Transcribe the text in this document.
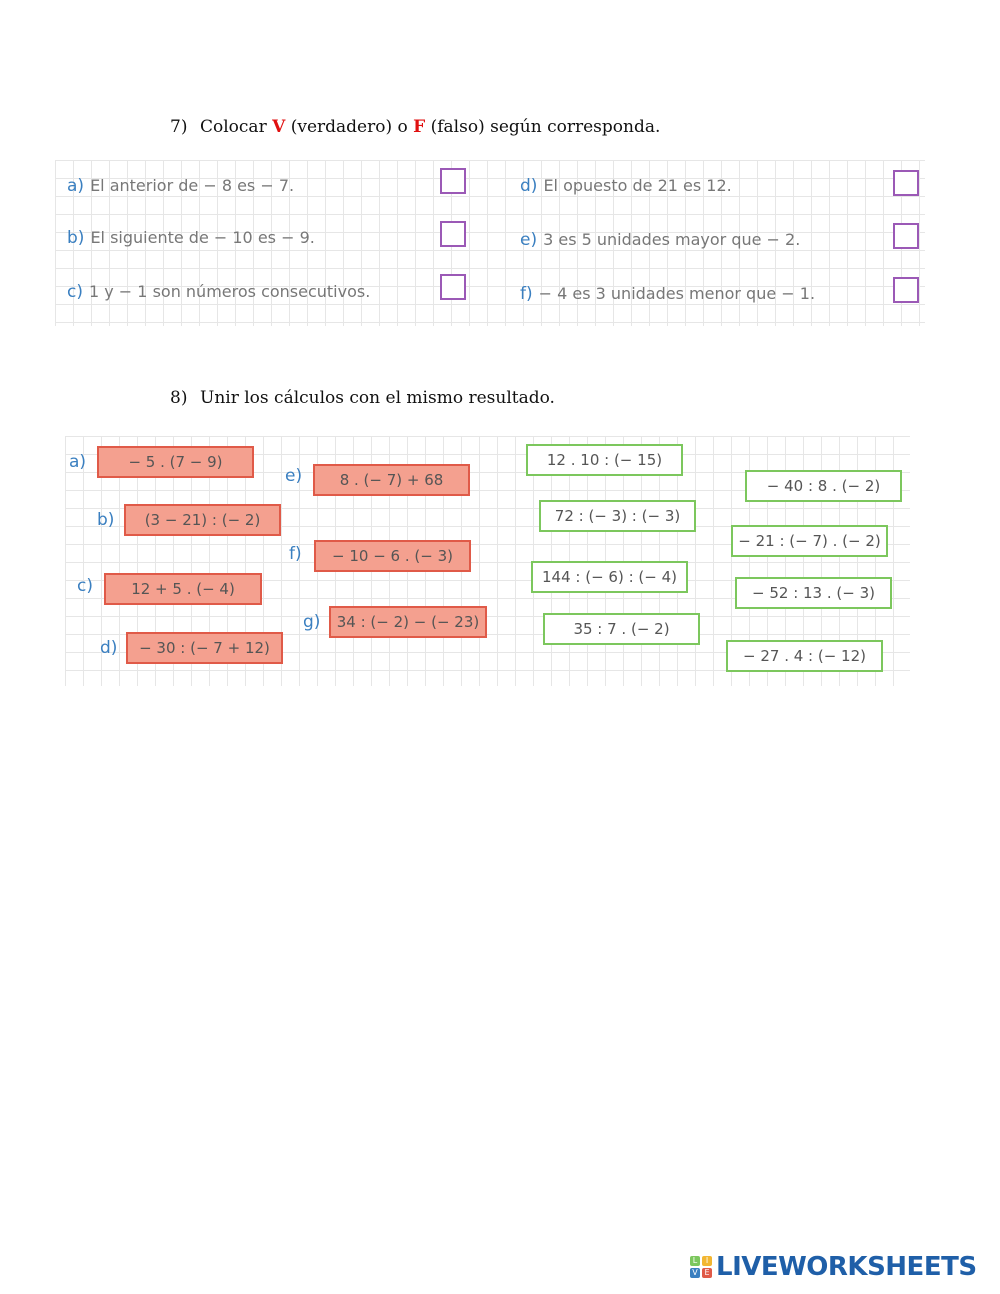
7) Colocar V (verdadero) o F (falso) según corresponda.
a) El anterior de − 8 es − 7.
b) El siguiente de − 10 es − 9.
c) 1 y − 1 son números consecutivos.
d) El opuesto de 21 es 12.
e) 3 es 5 unidades mayor que − 2.
f) − 4 es 3 unidades menor que − 1.
8) Unir los cálculos con el mismo resultado.
a)
b)
c)
d)
e)
f)
g)
− 5 . (7 − 9)
(3 − 21) : (− 2)
12 + 5 . (− 4)
− 30 : (− 7 + 12)
8 . (− 7) + 68
− 10 − 6 . (− 3)
34 : (− 2) − (− 23)
12 . 10 : (− 15)
72 : (− 3) : (− 3)
144 : (− 6) : (− 4)
35 : 7 . (− 2)
− 40 : 8 . (− 2)
− 21 : (− 7) . (− 2)
− 52 : 13 . (− 3)
− 27 . 4 : (− 12)
L	I
V E LIVEWORKSHEETS
